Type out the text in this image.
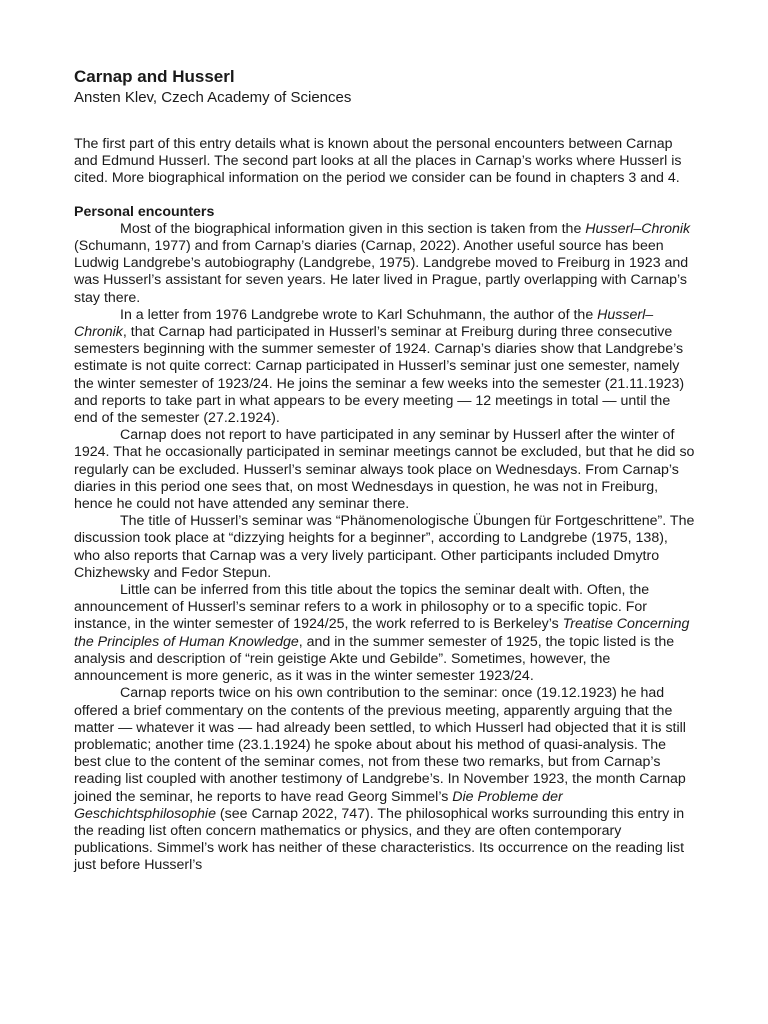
Carnap and Husserl

Ansten Klev, Czech Academy of Sciences

The first part of this entry details what is known about the personal encounters between Carnap and Edmund Husserl. The second part looks at all the places in Carnap’s works where Husserl is cited. More biographical information on the period we consider can be found in chapters 3 and 4.

Personal encounters

Most of the biographical information given in this section is taken from the Husserl–Chronik (Schumann, 1977) and from Carnap’s diaries (Carnap, 2022). Another useful source has been Ludwig Landgrebe’s autobiography (Landgrebe, 1975). Landgrebe moved to Freiburg in 1923 and was Husserl’s assistant for seven years. He later lived in Prague, partly overlapping with Carnap’s stay there.

In a letter from 1976 Landgrebe wrote to Karl Schuhmann, the author of the Husserl–Chronik, that Carnap had participated in Husserl’s seminar at Freiburg during three consecutive semesters beginning with the summer semester of 1924. Carnap’s diaries show that Landgrebe’s estimate is not quite correct: Carnap participated in Husserl’s seminar just one semester, namely the winter semester of 1923/24. He joins the seminar a few weeks into the semester (21.11.1923) and reports to take part in what appears to be every meeting — 12 meetings in total — until the end of the semester (27.2.1924).

Carnap does not report to have participated in any seminar by Husserl after the winter of 1924. That he occasionally participated in seminar meetings cannot be excluded, but that he did so regularly can be excluded. Husserl’s seminar always took place on Wednesdays. From Carnap’s diaries in this period one sees that, on most Wednesdays in question, he was not in Freiburg, hence he could not have attended any seminar there.

The title of Husserl’s seminar was “Phänomenologische Übungen für Fortgeschrittene”. The discussion took place at “dizzying heights for a beginner”, according to Landgrebe (1975, 138), who also reports that Carnap was a very lively participant. Other participants included Dmytro Chizhewsky and Fedor Stepun.

Little can be inferred from this title about the topics the seminar dealt with. Often, the announcement of Husserl’s seminar refers to a work in philosophy or to a specific topic. For instance, in the winter semester of 1924/25, the work referred to is Berkeley’s Treatise Concerning the Principles of Human Knowledge, and in the summer semester of 1925, the topic listed is the analysis and description of “rein geistige Akte und Gebilde”. Sometimes, however, the announcement is more generic, as it was in the winter semester 1923/24.

Carnap reports twice on his own contribution to the seminar: once (19.12.1923) he had offered a brief commentary on the contents of the previous meeting, apparently arguing that the matter — whatever it was — had already been settled, to which Husserl had objected that it is still problematic; another time (23.1.1924) he spoke about about his method of quasi-analysis. The best clue to the content of the seminar comes, not from these two remarks, but from Carnap’s reading list coupled with another testimony of Landgrebe’s. In November 1923, the month Carnap joined the seminar, he reports to have read Georg Simmel’s Die Probleme der Geschichtsphilosophie (see Carnap 2022, 747). The philosophical works surrounding this entry in the reading list often concern mathematics or physics, and they are often contemporary publications. Simmel’s work has neither of these characteristics. Its occurrence on the reading list just before Husserl’s
